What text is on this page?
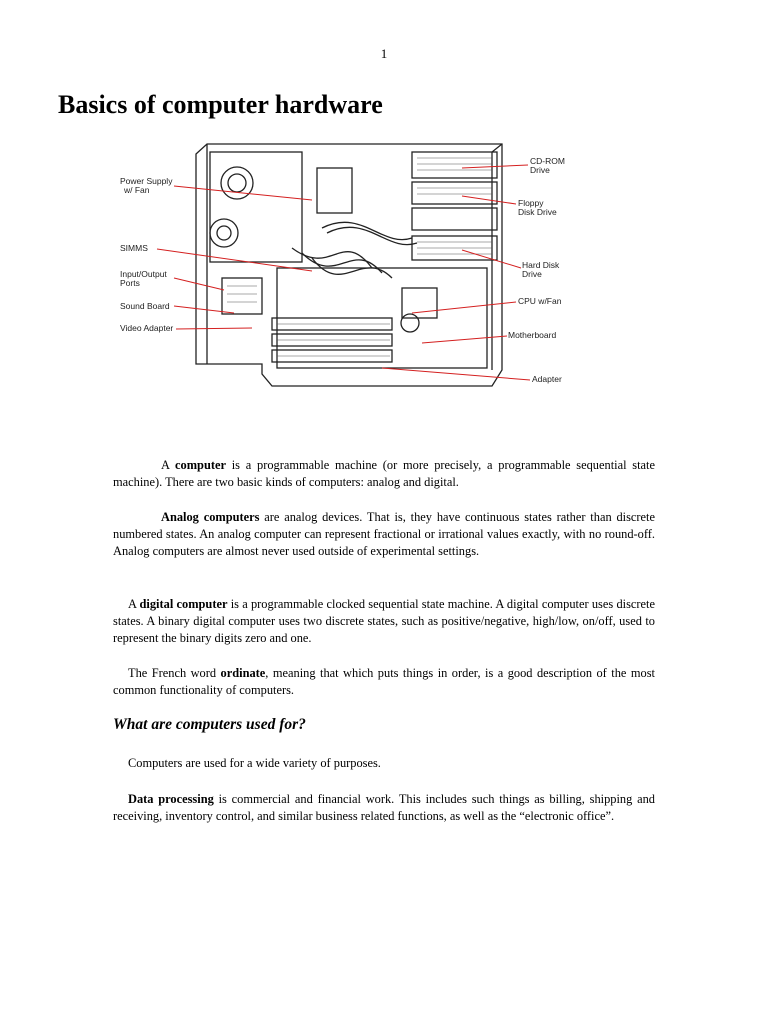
1
Basics of computer hardware
Power Supply w/ Fan
SIMMS
Input/Output Ports
Sound Board
Video Adapter
CD-ROM Drive
Floppy Disk Drive
Hard Disk Drive
CPU w/Fan
Motherboard
Adapter

A computer is a programmable machine (or more precisely, a programmable sequential state machine). There are two basic kinds of computers: analog and digital.

Analog computers are analog devices. That is, they have continuous states rather than discrete numbered states. An analog computer can represent fractional or irrational values exactly, with no round-off. Analog computers are almost never used outside of experimental settings.

A digital computer is a programmable clocked sequential state machine. A digital computer uses discrete states. A binary digital computer uses two discrete states, such as positive/negative, high/low, on/off, used to represent the binary digits zero and one.

The French word ordinate, meaning that which puts things in order, is a good description of the most common functionality of computers.

What are computers used for?

Computers are used for a wide variety of purposes.

Data processing is commercial and financial work. This includes such things as billing, shipping and receiving, inventory control, and similar business related functions, as well as the “electronic office”.
